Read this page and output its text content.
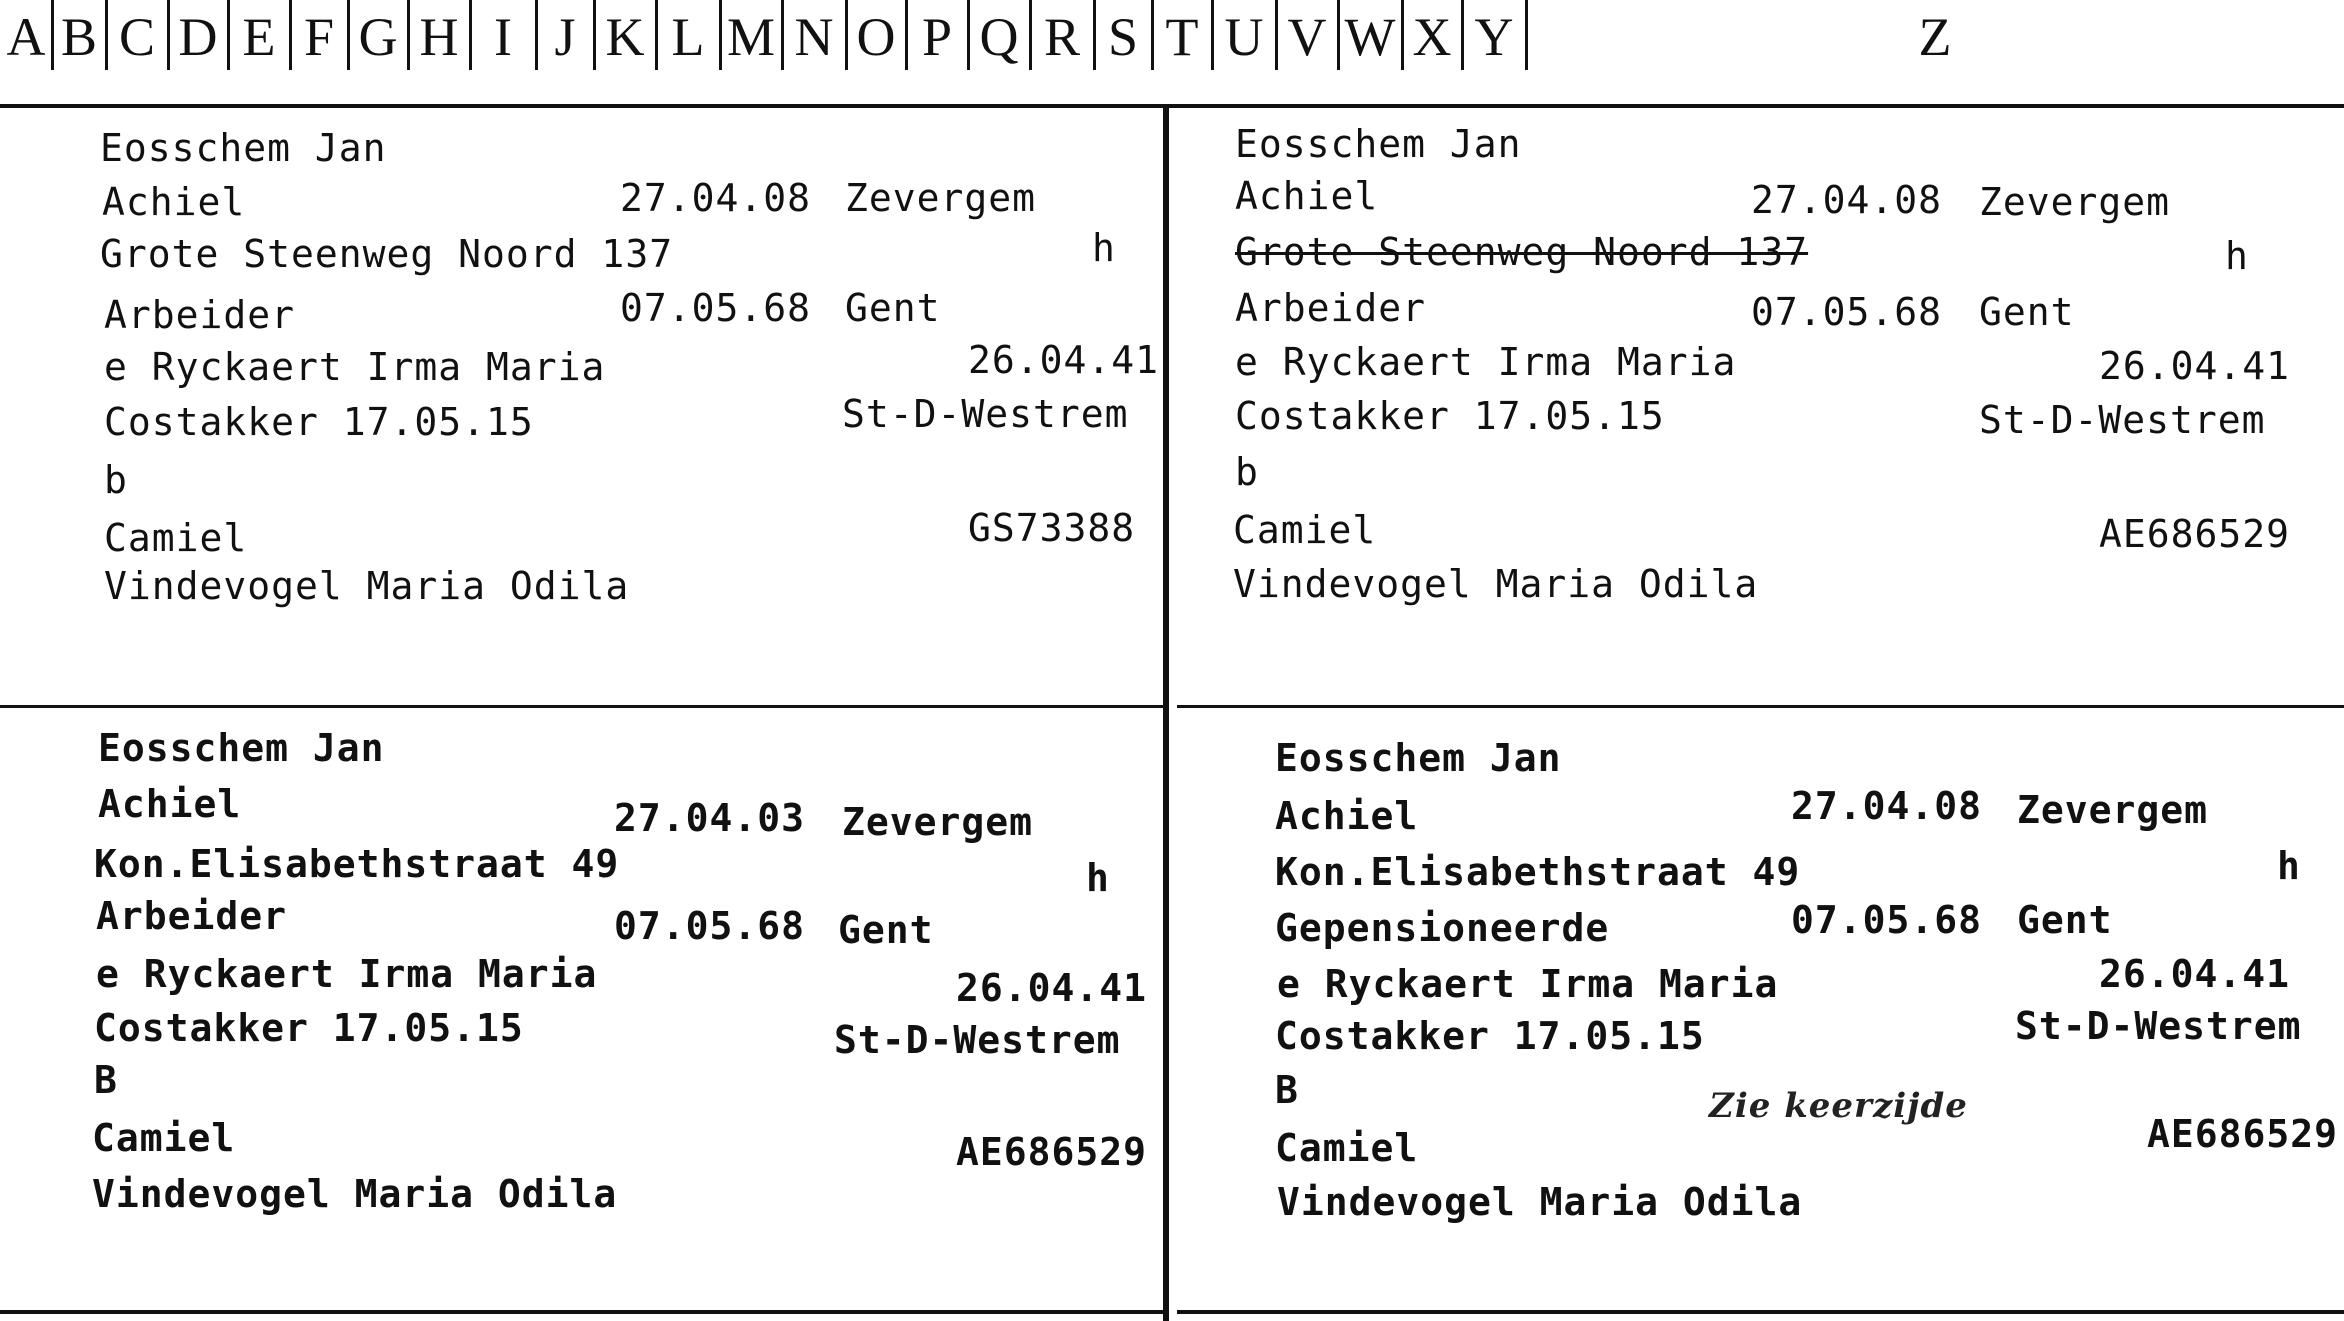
A B C D E F G H I J K L M N O P Q R S T U V W X Y	Z
Eosschem Jan
Achiel	27.04.08 Zevergem
Grote Steenweg Noord 137	h
Arbeider	07.05.68 Gent
e Ryckaert Irma Maria	26.04.41
Costakker 17.05.15	St-D-Westrem
b
Camiel	GS73388
Vindevogel Maria Odila
Eosschem Jan
Achiel	27.04.08 Zevergem
Grote Steenweg Noord 137	h
Arbeider	07.05.68 Gent
e Ryckaert Irma Maria	26.04.41
Costakker 17.05.15	St-D-Westrem
b
Camiel	AE686529
Vindevogel Maria Odila
Eosschem Jan
Achiel	27.04.03 Zevergem
Kon.Elisabethstraat 49	h
Arbeider	07.05.68 Gent
e Ryckaert Irma Maria	26.04.41
Costakker 17.05.15	St-D-Westrem
B
Camiel	AE686529
Vindevogel Maria Odila
Eosschem Jan
Achiel	27.04.08 Zevergem
Kon.Elisabethstraat 49	h
Gepensioneerde	07.05.68 Gent
e Ryckaert Irma Maria	26.04.41
Costakker 17.05.15	St-D-Westrem
B	Zie keerzijde
Camiel	AE686529
Vindevogel Maria Odila
